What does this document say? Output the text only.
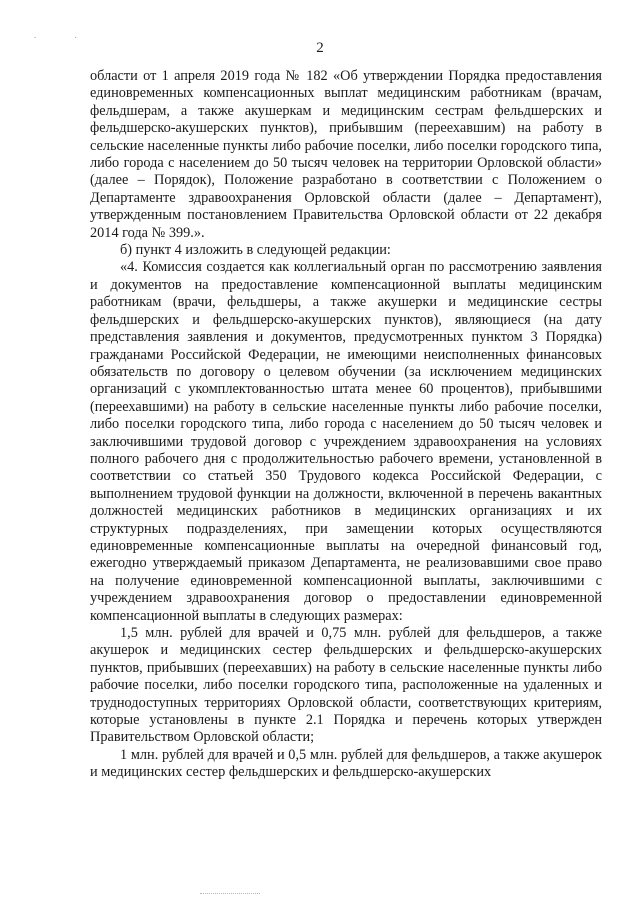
. .
2

области от 1 апреля 2019 года № 182 «Об утверждении Порядка предоставления единовременных компенсационных выплат медицинским работникам (врачам, фельдшерам, а также акушеркам и медицинским сестрам фельдшерских и фельдшерско-акушерских пунктов), прибывшим (переехавшим) на работу в сельские населенные пункты либо рабочие поселки, либо поселки городского типа, либо города с населением до 50 тысяч человек на территории Орловской области» (далее – Порядок), Положение разработано в соответствии с Положением о Департаменте здравоохранения Орловской области (далее – Департамент), утвержденным постановлением Правительства Орловской области от 22 декабря 2014 года № 399.».

б) пункт 4 изложить в следующей редакции:

«4. Комиссия создается как коллегиальный орган по рассмотрению заявления и документов на предоставление компенсационной выплаты медицинским работникам (врачи, фельдшеры, а также акушерки и медицинские сестры фельдшерских и фельдшерско-акушерских пунктов), являющиеся (на дату представления заявления и документов, предусмотренных пунктом 3 Порядка) гражданами Российской Федерации, не имеющими неисполненных финансовых обязательств по договору о целевом обучении (за исключением медицинских организаций с укомплектованностью штата менее 60 процентов), прибывшими (переехавшими) на работу в сельские населенные пункты либо рабочие поселки, либо поселки городского типа, либо города с населением до 50 тысяч человек и заключившими трудовой договор с учреждением здравоохранения на условиях полного рабочего дня с продолжительностью рабочего времени, установленной в соответствии со статьей 350 Трудового кодекса Российской Федерации, с выполнением трудовой функции на должности, включенной в перечень вакантных должностей медицинских работников в медицинских организациях и их структурных подразделениях, при замещении которых осуществляются единовременные компенсационные выплаты на очередной финансовый год, ежегодно утверждаемый приказом Департамента, не реализовавшими свое право на получение единовременной компенсационной выплаты, заключившими с учреждением здравоохранения договор о предоставлении единовременной компенсационной выплаты в следующих размерах:

1,5 млн. рублей для врачей и 0,75 млн. рублей для фельдшеров, а также акушерок и медицинских сестер фельдшерских и фельдшерско-акушерских пунктов, прибывших (переехавших) на работу в сельские населенные пункты либо рабочие поселки, либо поселки городского типа, расположенные на удаленных и труднодоступных территориях Орловской области, соответствующих критериям, которые установлены в пункте 2.1 Порядка и перечень которых утвержден Правительством Орловской области;

1 млн. рублей для врачей и 0,5 млн. рублей для фельдшеров, а также акушерок и медицинских сестер фельдшерских и фельдшерско-акушерских
